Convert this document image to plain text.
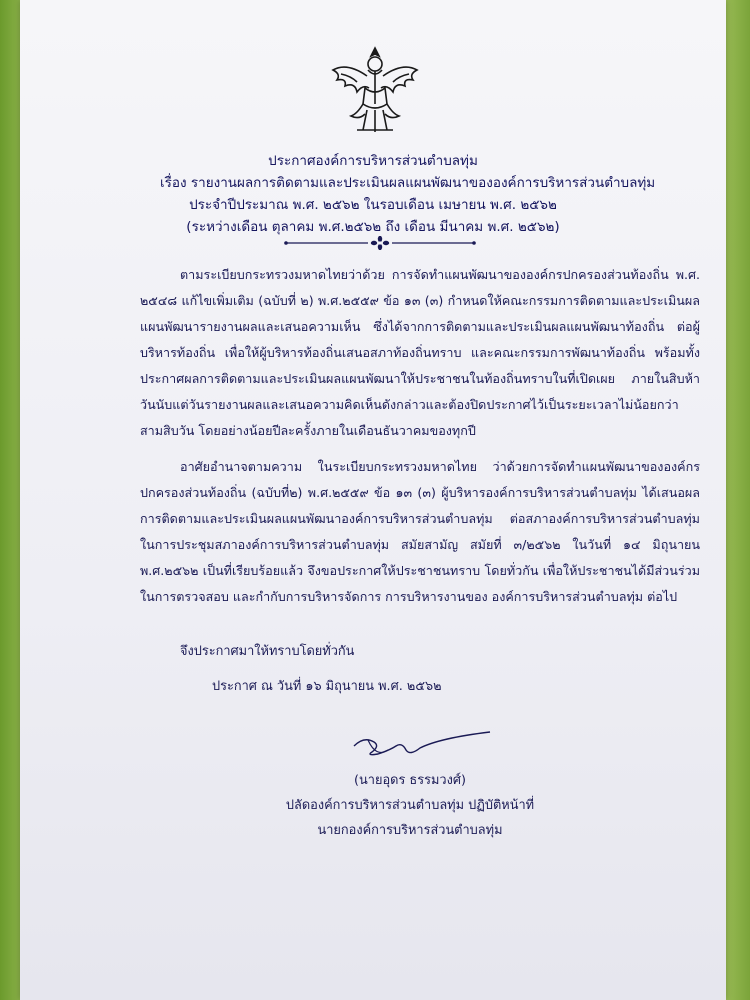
ประกาศองค์การบริหารส่วนตำบลทุ่ม
เรื่อง รายงานผลการติดตามและประเมินผลแผนพัฒนาขององค์การบริหารส่วนตำบลทุ่ม
ประจำปีประมาณ พ.ศ. ๒๕๖๒ ในรอบเดือน เมษายน พ.ศ. ๒๕๖๒
(ระหว่างเดือน ตุลาคม พ.ศ.๒๕๖๒ ถึง เดือน มีนาคม พ.ศ. ๒๕๖๒)
ตามระเบียบกระทรวงมหาดไทยว่าด้วย การจัดทำแผนพัฒนาขององค์กรปกครองส่วนท้องถิ่น พ.ศ. ๒๕๔๘ แก้ไขเพิ่มเติม (ฉบับที่ ๒) พ.ศ.๒๕๕๙ ข้อ ๑๓ (๓) กำหนดให้คณะกรรมการติดตามและประเมินผลแผนพัฒนารายงานผลและเสนอความเห็น ซึ่งได้จากการติดตามและประเมินผลแผนพัฒนาท้องถิ่น ต่อผู้บริหารท้องถิ่น เพื่อให้ผู้บริหารท้องถิ่นเสนอสภาท้องถิ่นทราบ และคณะกรรมการพัฒนาท้องถิ่น พร้อมทั้งประกาศผลการติดตามและประเมินผลแผนพัฒนาให้ประชาชนในท้องถิ่นทราบในที่เปิดเผย ภายในสิบห้าวันนับแต่วันรายงานผลและเสนอความคิดเห็นดังกล่าวและต้องปิดประกาศไว้เป็นระยะเวลาไม่น้อยกว่าสามสิบวัน โดยอย่างน้อยปีละครั้งภายในเดือนธันวาคมของทุกปี
อาศัยอำนาจตามความ ในระเบียบกระทรวงมหาดไทย ว่าด้วยการจัดทำแผนพัฒนาขององค์กรปกครองส่วนท้องถิ่น (ฉบับที่๒) พ.ศ.๒๕๕๙ ข้อ ๑๓ (๓) ผู้บริหารองค์การบริหารส่วนตำบลทุ่ม ได้เสนอผลการติดตามและประเมินผลแผนพัฒนาองค์การบริหารส่วนตำบลทุ่ม ต่อสภาองค์การบริหารส่วนตำบลทุ่ม ในการประชุมสภาองค์การบริหารส่วนตำบลทุ่ม สมัยสามัญ สมัยที่ ๓/๒๕๖๒ ในวันที่ ๑๔ มิถุนายน พ.ศ.๒๕๖๒ เป็นที่เรียบร้อยแล้ว จึงขอประกาศให้ประชาชนทราบ โดยทั่วกัน เพื่อให้ประชาชนได้มีส่วนร่วมในการตรวจสอบ และกำกับการบริหารจัดการ การบริหารงานของ องค์การบริหารส่วนตำบลทุ่ม ต่อไป
จึงประกาศมาให้ทราบโดยทั่วกัน
ประกาศ ณ วันที่ ๑๖ มิถุนายน พ.ศ. ๒๕๖๒
(นายอุดร ธรรมวงศ์)
ปลัดองค์การบริหารส่วนตำบลทุ่ม ปฏิบัติหน้าที่
นายกองค์การบริหารส่วนตำบลทุ่ม
